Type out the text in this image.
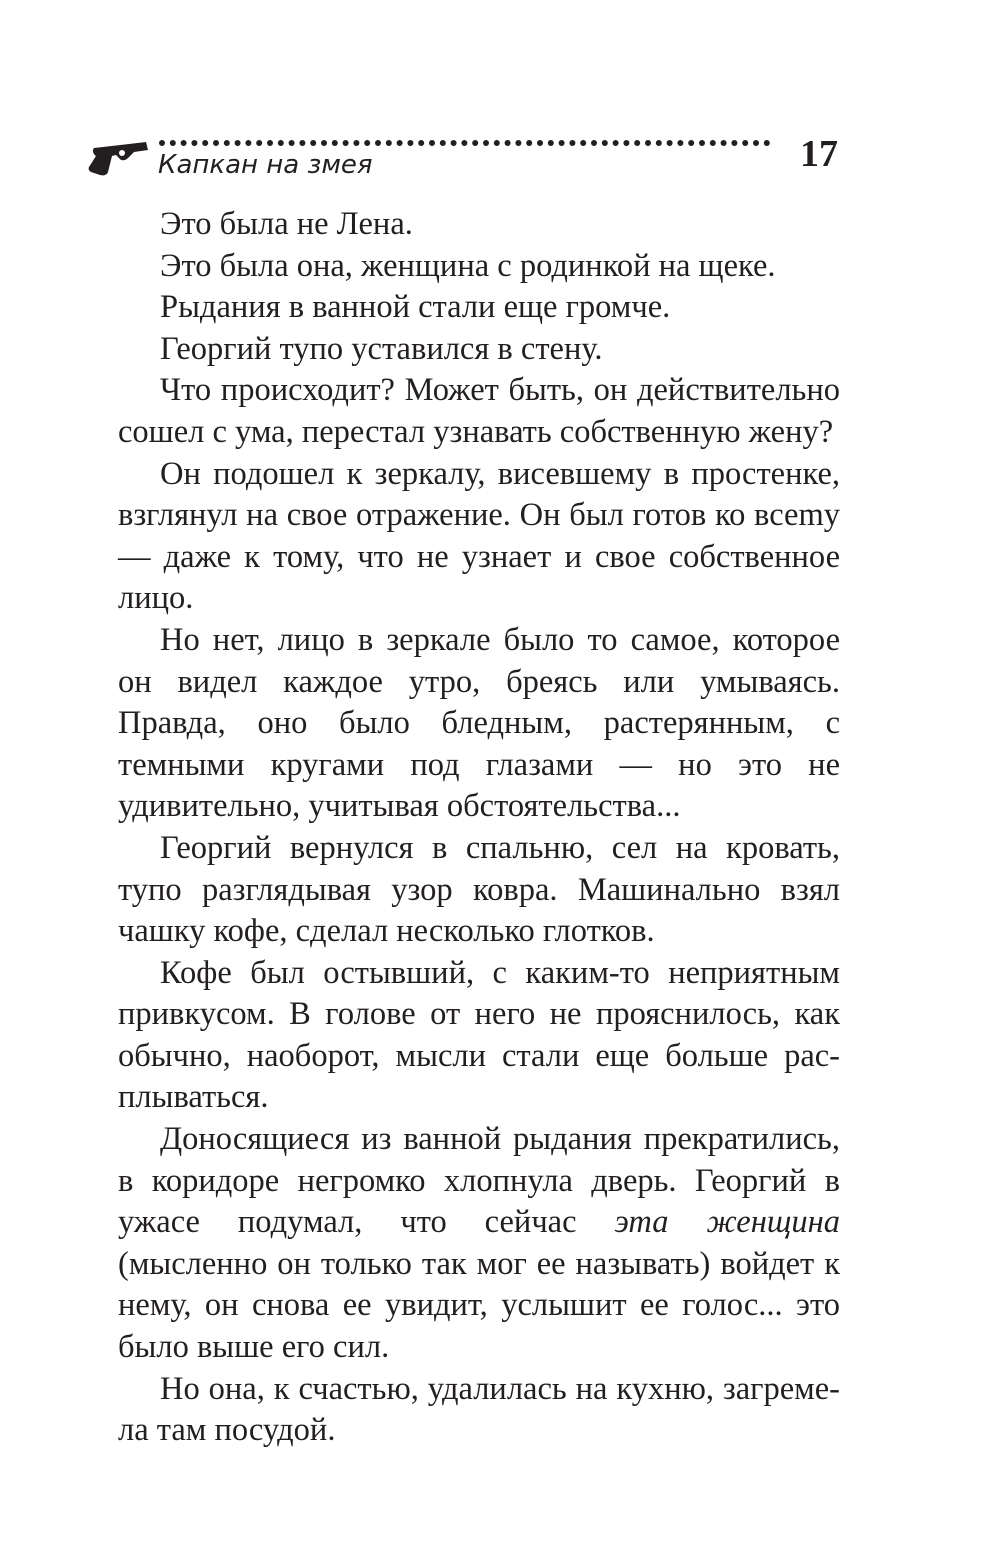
Капкан на змея	17

Это была не Лена.

Это была она, женщина с родинкой на щеке.

Рыдания в ванной стали еще громче.

Георгий тупо уставился в стену.

Что происходит? Может быть, он действительно сошел с ума, перестал узнавать собственную жену?

Он подошел к зеркалу, висевшему в простенке, взглянул на свое отражение. Он был готов ко всеmу — даже к тому, что не узнает и свое собственное лицо.

Но нет, лицо в зеркале было то самое, которое он видел каждое утро, бреясь или умываясь. Правда, оно было бледным, растерянным, с темными кругами под глазами — но это не удивительно, учитывая обстоятельства...

Георгий вернулся в спальню, сел на кровать, тупо разглядывая узор ковра. Машинально взял чашку кофе, сделал несколько глотков.

Кофе был остывший, с каким-то неприятным привкусом. В голове от него не прояснилось, как обычно, наоборот, мысли стали еще больше расплываться.

Доносящиеся из ванной рыдания прекратились, в коридоре негромко хлопнула дверь. Георгий в ужасе подумал, что сейчас эта женщина (мысленно он только так мог ее называть) войдет к нему, он снова ее увидит, услышит ее голос... это было выше его сил.

Но она, к счастью, удалилась на кухню, загремела там посудой.
